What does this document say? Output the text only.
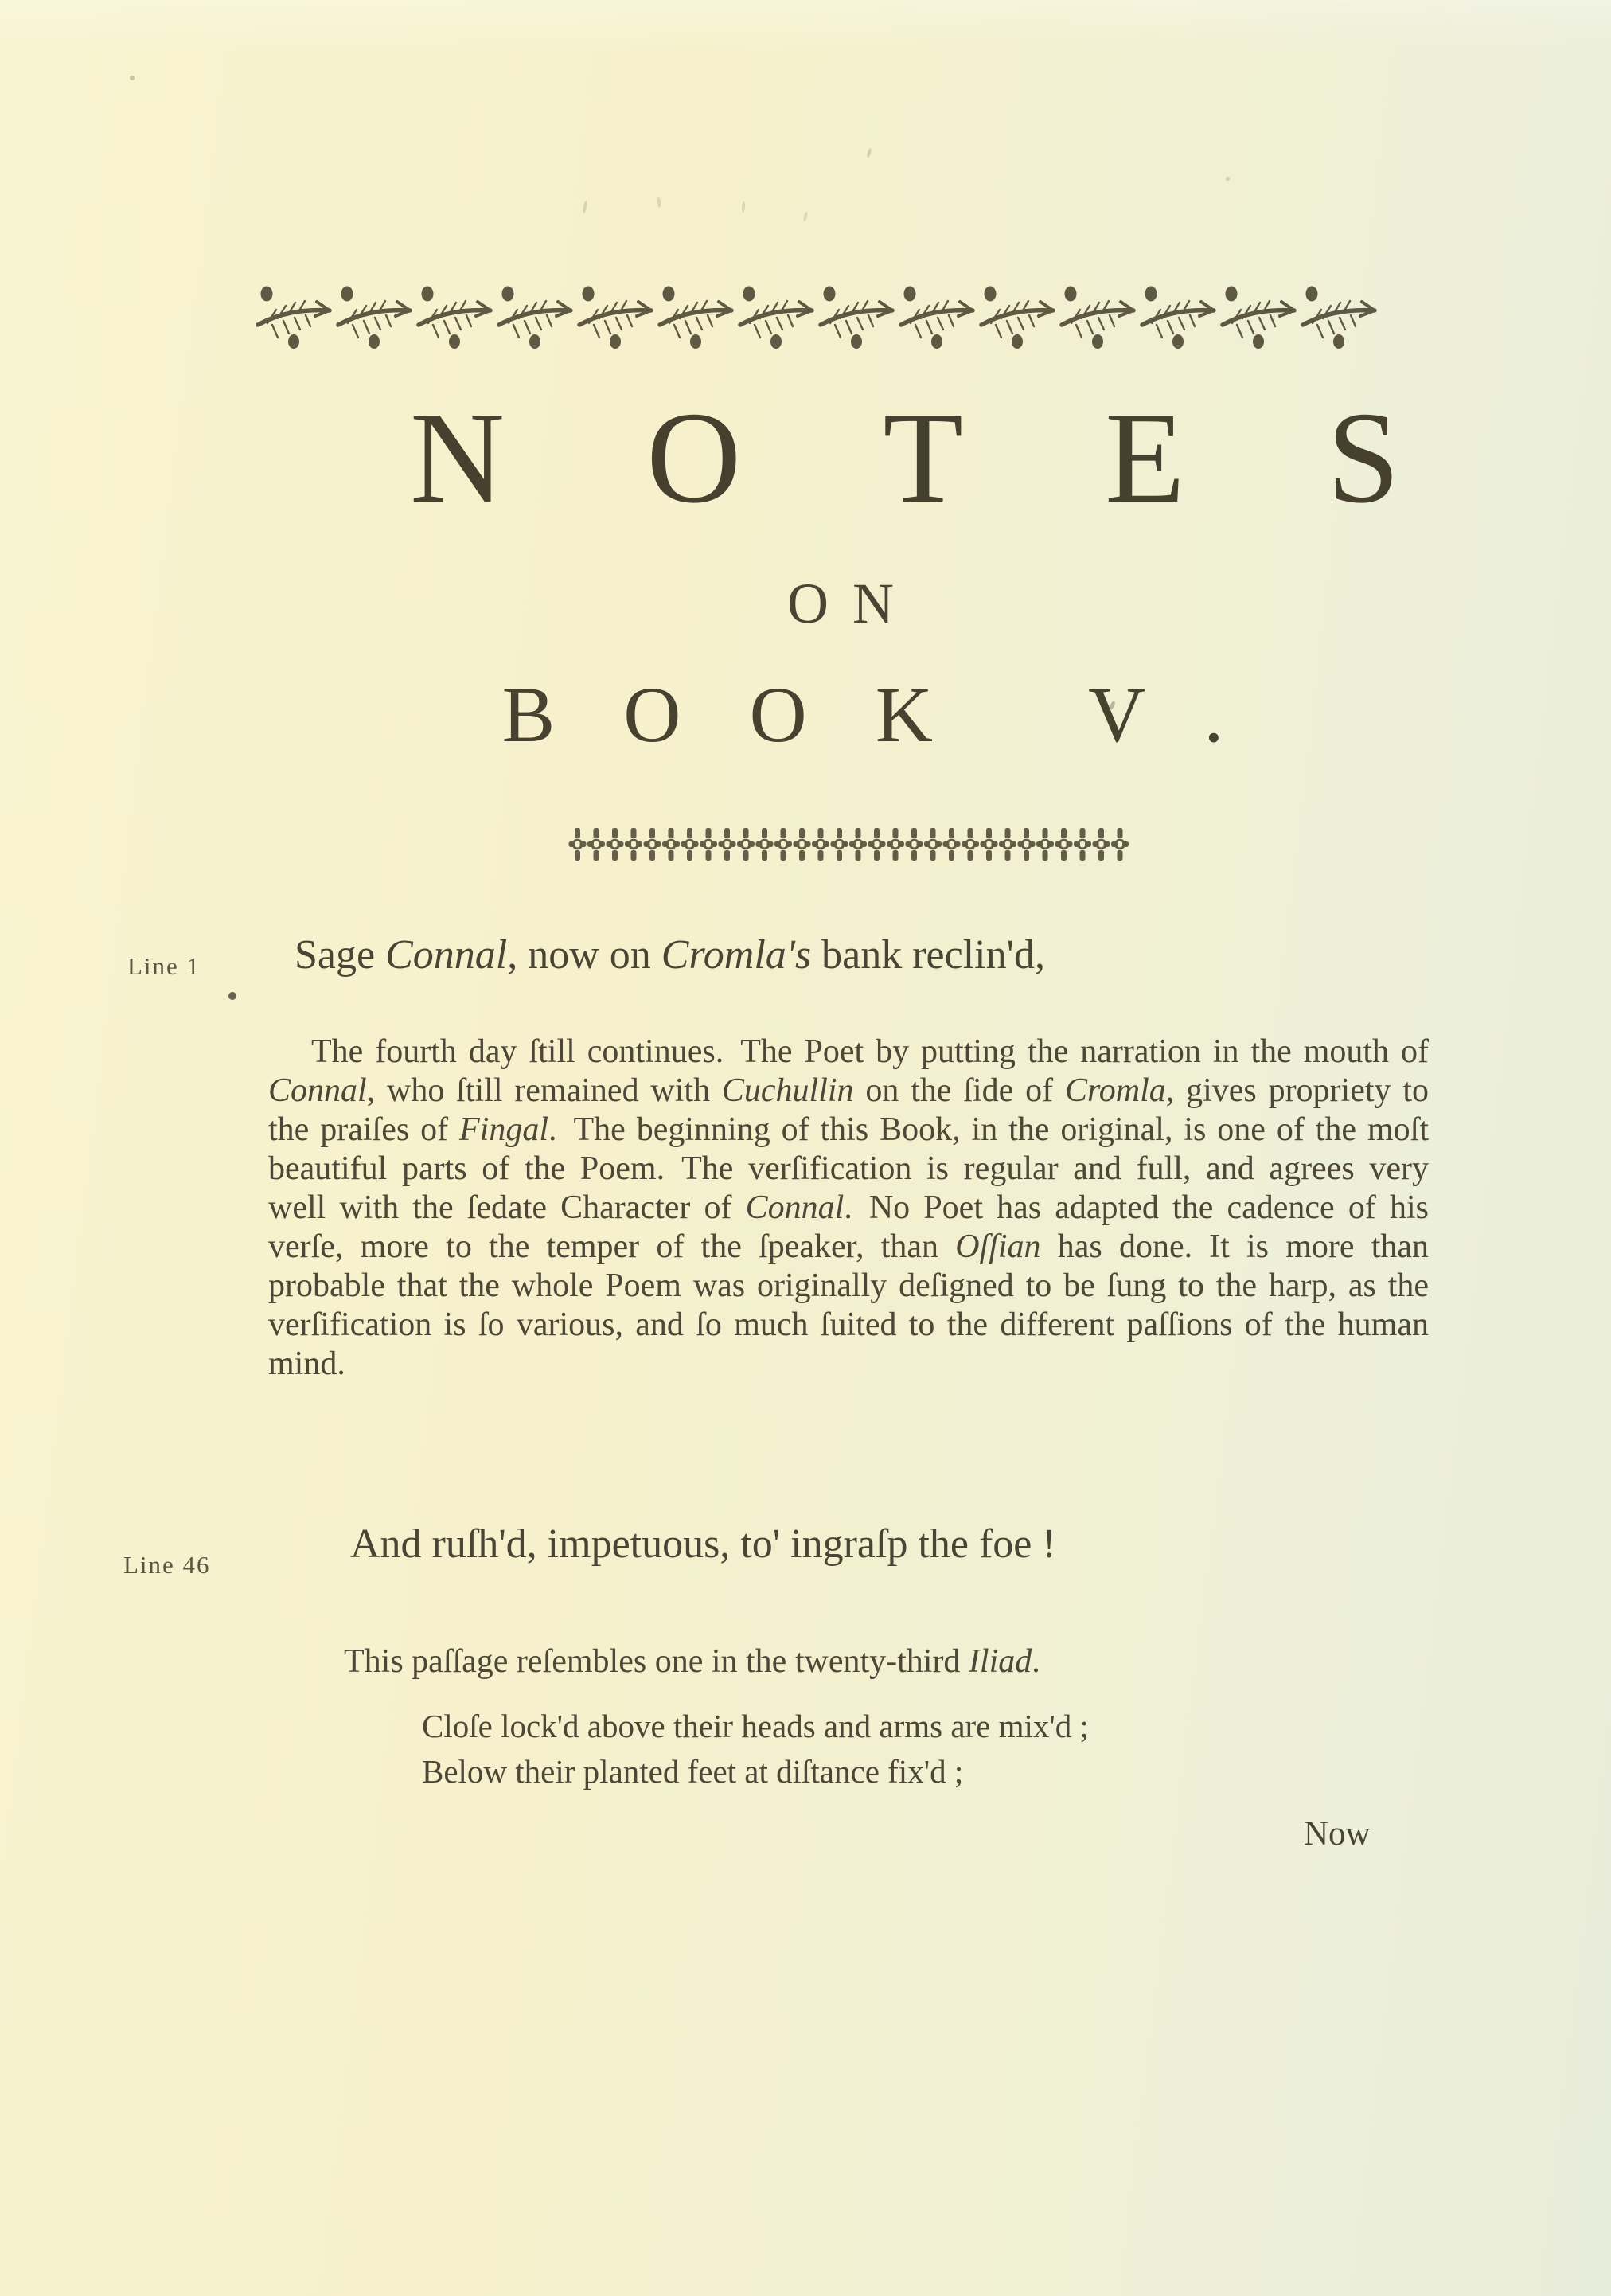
NOTES
ON
BOOK V.
Line 1 Sage Connal, now on Cromla's bank reclin'd,
The fourth day ſtill continues. The Poet by putting the narration in the mouth of Connal, who ſtill remained with Cuchullin on the ſide of Cromla, gives propriety to the praiſes of Fingal. The beginning of this Book, in the original, is one of the moſt beautiful parts of the Poem. The verſification is regular and full, and agrees very well with the ſedate Character of Connal. No Poet has adapted the cadence of his verſe, more to the temper of the ſpeaker, than Oſſian has done. It is more than probable that the whole Poem was originally deſigned to be ſung to the harp, as the verſification is ſo various, and ſo much ſuited to the different paſſions of the human mind.
Line 46	And ruſh'd, impetuous, to' ingraſp the foe !
This paſſage reſembles one in the twenty-third Iliad.
Cloſe lock'd above their heads and arms are mix'd ;
Below their planted feet at diſtance fix'd ;
Now
